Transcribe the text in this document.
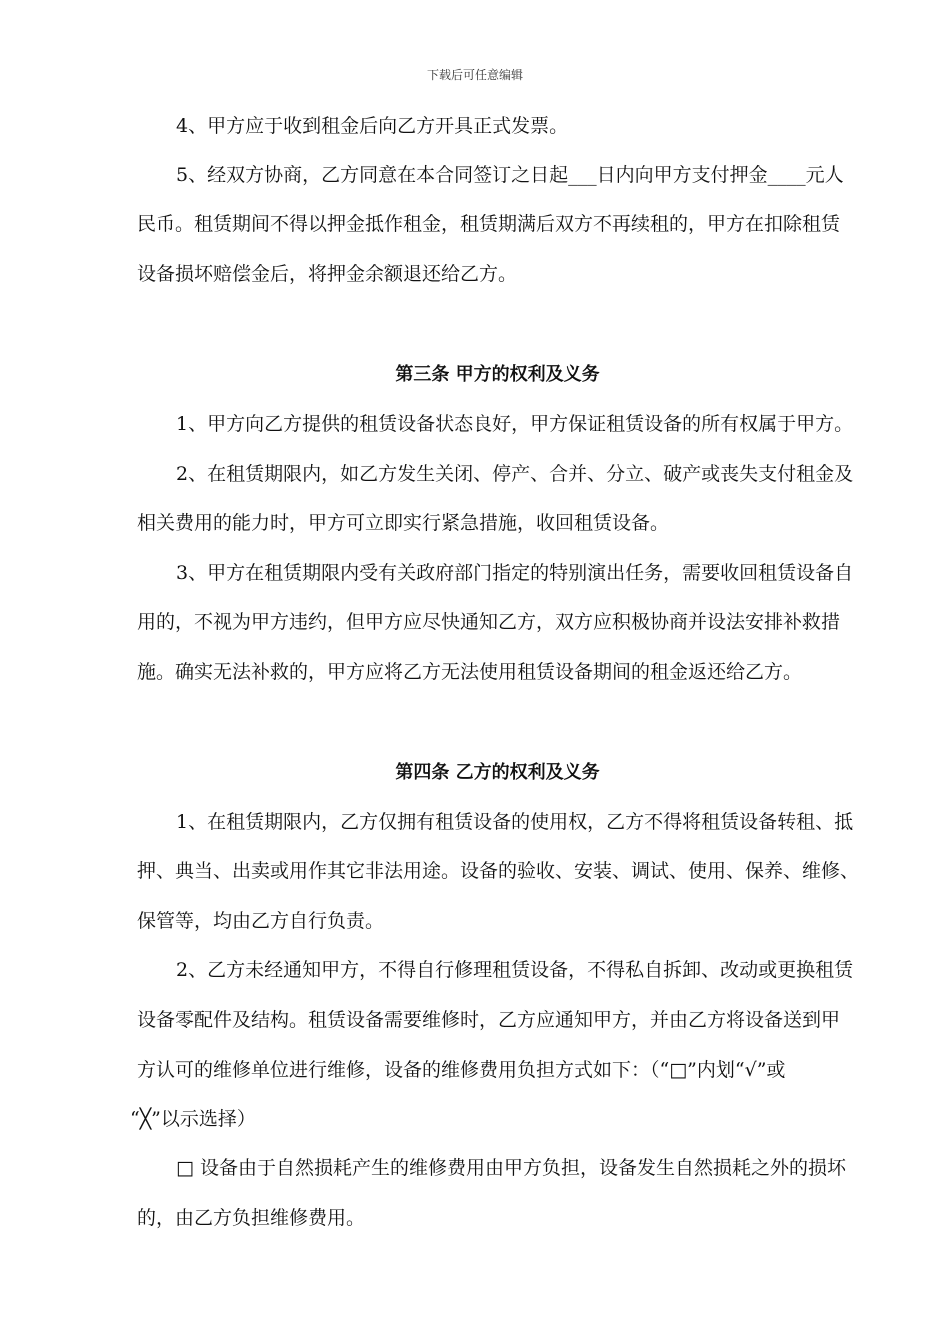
下载后可任意编辑
4、甲方应于收到租金后向乙方开具正式发票。
5、经双方协商，乙方同意在本合同签订之日起___日内向甲方支付押金____元人
民币。租赁期间不得以押金抵作租金，租赁期满后双方不再续租的，甲方在扣除租赁
设备损坏赔偿金后，将押金余额退还给乙方。
第三条 甲方的权利及义务
1、甲方向乙方提供的租赁设备状态良好，甲方保证租赁设备的所有权属于甲方。
2、在租赁期限内，如乙方发生关闭、停产、合并、分立、破产或丧失支付租金及
相关费用的能力时，甲方可立即实行紧急措施，收回租赁设备。
3、甲方在租赁期限内受有关政府部门指定的特别演出任务，需要收回租赁设备自
用的，不视为甲方违约，但甲方应尽快通知乙方，双方应积极协商并设法安排补救措
施。确实无法补救的，甲方应将乙方无法使用租赁设备期间的租金返还给乙方。
第四条 乙方的权利及义务
1、在租赁期限内，乙方仅拥有租赁设备的使用权，乙方不得将租赁设备转租、抵
押、典当、出卖或用作其它非法用途。设备的验收、安装、调试、使用、保养、维修、
保管等，均由乙方自行负责。
2、乙方未经通知甲方，不得自行修理租赁设备，不得私自拆卸、改动或更换租赁
设备零配件及结构。租赁设备需要维修时，乙方应通知甲方，并由乙方将设备送到甲
方认可的维修单位进行维修，设备的维修费用负担方式如下：（“□”内划“√”或
“╳”以示选择）
□ 设备由于自然损耗产生的维修费用由甲方负担，设备发生自然损耗之外的损坏
的，由乙方负担维修费用。
